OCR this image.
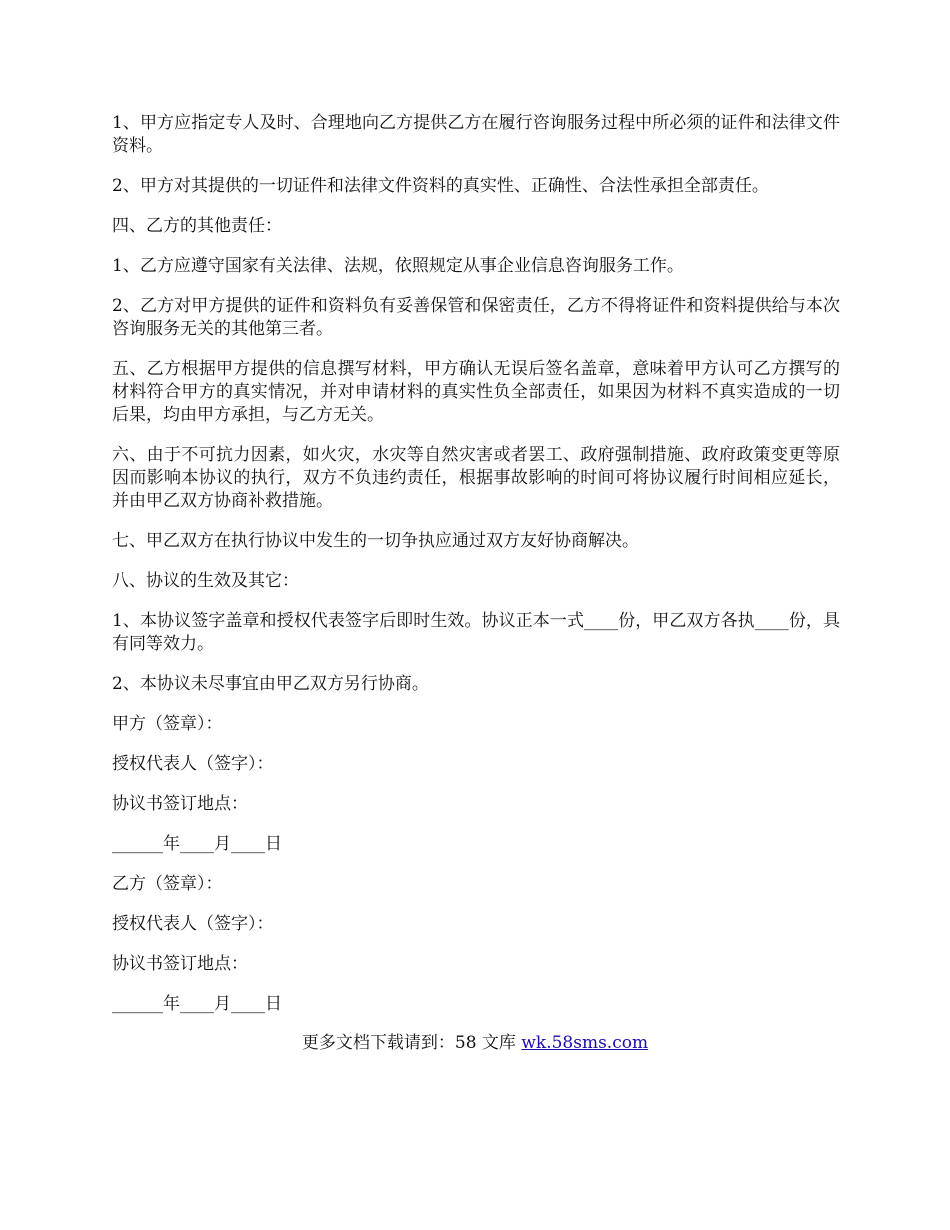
1、甲方应指定专人及时、合理地向乙方提供乙方在履行咨询服务过程中所必须的证件和法律文件资料。

2、甲方对其提供的一切证件和法律文件资料的真实性、正确性、合法性承担全部责任。

四、乙方的其他责任：

1、乙方应遵守国家有关法律、法规，依照规定从事企业信息咨询服务工作。

2、乙方对甲方提供的证件和资料负有妥善保管和保密责任，乙方不得将证件和资料提供给与本次咨询服务无关的其他第三者。

五、乙方根据甲方提供的信息撰写材料，甲方确认无误后签名盖章，意味着甲方认可乙方撰写的材料符合甲方的真实情况，并对申请材料的真实性负全部责任，如果因为材料不真实造成的一切后果，均由甲方承担，与乙方无关。

六、由于不可抗力因素，如火灾，水灾等自然灾害或者罢工、政府强制措施、政府政策变更等原因而影响本协议的执行，双方不负违约责任，根据事故影响的时间可将协议履行时间相应延长，并由甲乙双方协商补救措施。

七、甲乙双方在执行协议中发生的一切争执应通过双方友好协商解决。

八、协议的生效及其它：

1、本协议签字盖章和授权代表签字后即时生效。协议正本一式____份，甲乙双方各执____份，具有同等效力。

2、本协议未尽事宜由甲乙双方另行协商。

甲方（签章）：

授权代表人（签字）：

协议书签订地点：

______年____月____日

乙方（签章）：

授权代表人（签字）：

协议书签订地点：

______年____月____日

更多文档下载请到：58 文库 wk.58sms.com
